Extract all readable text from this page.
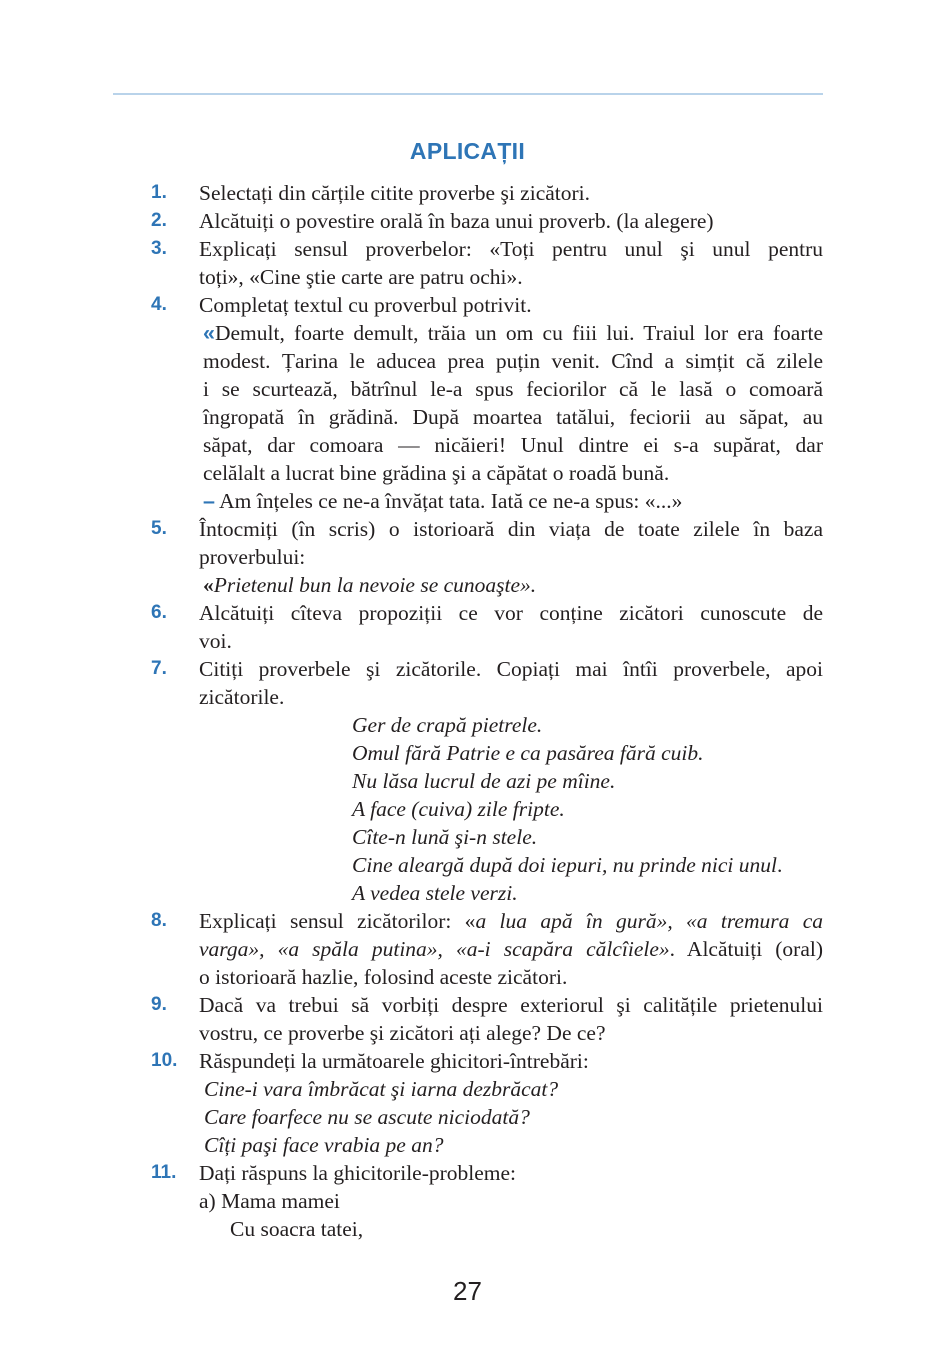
APLICAȚII
1.	Selectați din cărțile citite proverbe şi zicători.
2.	Alcătuiți o povestire orală în baza unui proverb. (la alegere)
3.	Explicați sensul proverbelor: «Toți pentru unul şi unul pentru
toți», «Cine ştie carte are patru ochi».
4.	Completaț textul cu proverbul potrivit.
«Demult, foarte demult, trăia un om cu fiii lui. Traiul lor era foarte
modest. Țarina le aducea prea puțin venit. Cînd a simțit că zilele
i se scurtează, bătrînul le-a spus feciorilor că le lasă o comoară
îngropată în grădină. După moartea tatălui, feciorii au săpat, au
săpat, dar comoara — nicăieri! Unul dintre ei s-a supărat, dar
celălalt a lucrat bine grădina şi a căpătat o roadă bună.
– Am înțeles ce ne-a învățat tata. Iată ce ne-a spus: «...»
5.	Întocmiți (în scris) o istorioară din viața de toate zilele în baza
proverbului:
«Prietenul bun la nevoie se cunoaşte».
6.	Alcătuiți cîteva propoziții ce vor conține zicători cunoscute de
voi.
7.	Citiți proverbele şi zicătorile. Copiați mai întîi proverbele, apoi
zicătorile.
Ger de crapă pietrele.
Omul fără Patrie e ca pasărea fără cuib.
Nu lăsa lucrul de azi pe mîine.
A face (cuiva) zile fripte.
Cîte-n lună şi-n stele.
Cine aleargă după doi iepuri, nu prinde nici unul.
A vedea stele verzi.
8.	Explicați sensul zicătorilor: «a lua apă în gură», «a tremura ca
varga», «a spăla putina», «a-i scapăra călcîiele». Alcătuiți (oral)
o istorioară hazlie, folosind aceste zicători.
9.	Dacă va trebui să vorbiți despre exteriorul şi calitățile prietenului
vostru, ce proverbe şi zicători ați alege? De ce?
10.	Răspundeți la următoarele ghicitori-întrebări:
Cine-i vara îmbrăcat şi iarna dezbrăcat?
Care foarfece nu se ascute niciodată?
Cîți paşi face vrabia pe an?
11.	Dați răspuns la ghicitorile-probleme:
a) Mama mamei
Cu soacra tatei,
27
